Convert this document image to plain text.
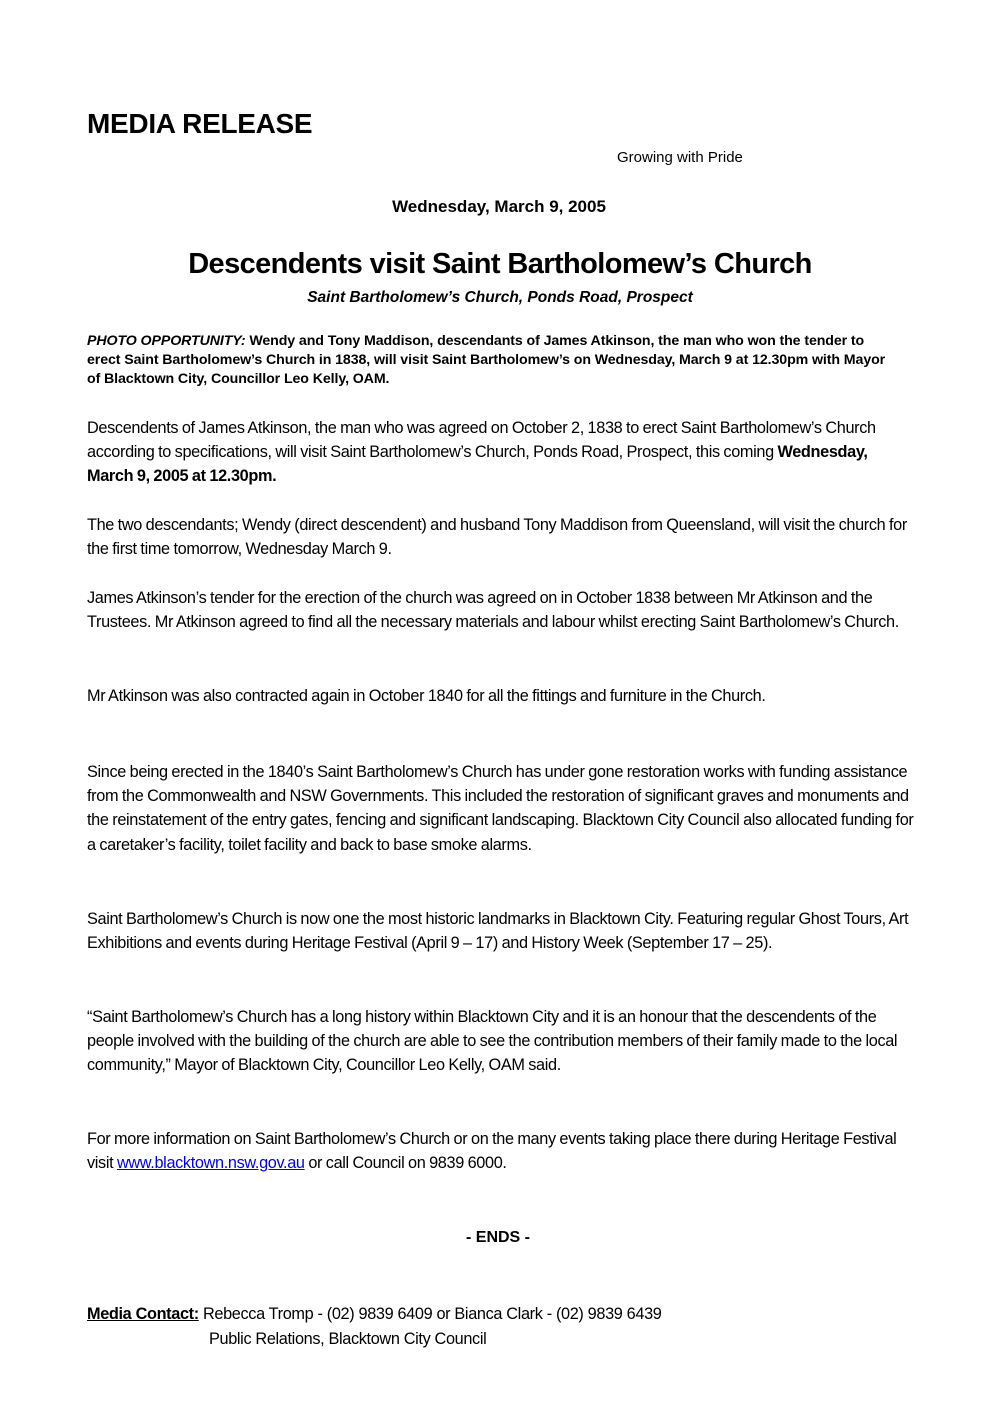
MEDIA RELEASE
Growing with Pride
Wednesday, March 9, 2005
Descendents visit Saint Bartholomew’s Church
Saint Bartholomew’s Church, Ponds Road, Prospect
PHOTO OPPORTUNITY: Wendy and Tony Maddison, descendants of James Atkinson, the man who won the tender to erect Saint Bartholomew’s Church in 1838, will visit Saint Bartholomew’s on Wednesday, March 9 at 12.30pm with Mayor of Blacktown City, Councillor Leo Kelly, OAM.
Descendents of James Atkinson, the man who was agreed on October 2, 1838 to erect Saint Bartholomew’s Church according to specifications, will visit Saint Bartholomew’s Church, Ponds Road, Prospect, this coming Wednesday, March 9, 2005 at 12.30pm.
The two descendants; Wendy (direct descendent) and husband Tony Maddison from Queensland, will visit the church for the first time tomorrow, Wednesday March 9.
James Atkinson’s tender for the erection of the church was agreed on in October 1838 between Mr Atkinson and the Trustees. Mr Atkinson agreed to find all the necessary materials and labour whilst erecting Saint Bartholomew’s Church.
Mr Atkinson was also contracted again in October 1840 for all the fittings and furniture in the Church.
Since being erected in the 1840’s Saint Bartholomew’s Church has under gone restoration works with funding assistance from the Commonwealth and NSW Governments. This included the restoration of significant graves and monuments and the reinstatement of the entry gates, fencing and significant landscaping. Blacktown City Council also allocated funding for a caretaker’s facility, toilet facility and back to base smoke alarms.
Saint Bartholomew’s Church is now one the most historic landmarks in Blacktown City. Featuring regular Ghost Tours, Art Exhibitions and events during Heritage Festival (April 9 – 17) and History Week (September 17 – 25).
“Saint Bartholomew’s Church has a long history within Blacktown City and it is an honour that the descendents of the people involved with the building of the church are able to see the contribution members of their family made to the local community,” Mayor of Blacktown City, Councillor Leo Kelly, OAM said.
For more information on Saint Bartholomew’s Church or on the many events taking place there during Heritage Festival visit www.blacktown.nsw.gov.au or call Council on 9839 6000.
- ENDS -
Media Contact: Rebecca Tromp - (02) 9839 6409 or Bianca Clark - (02) 9839 6439
Public Relations, Blacktown City Council
